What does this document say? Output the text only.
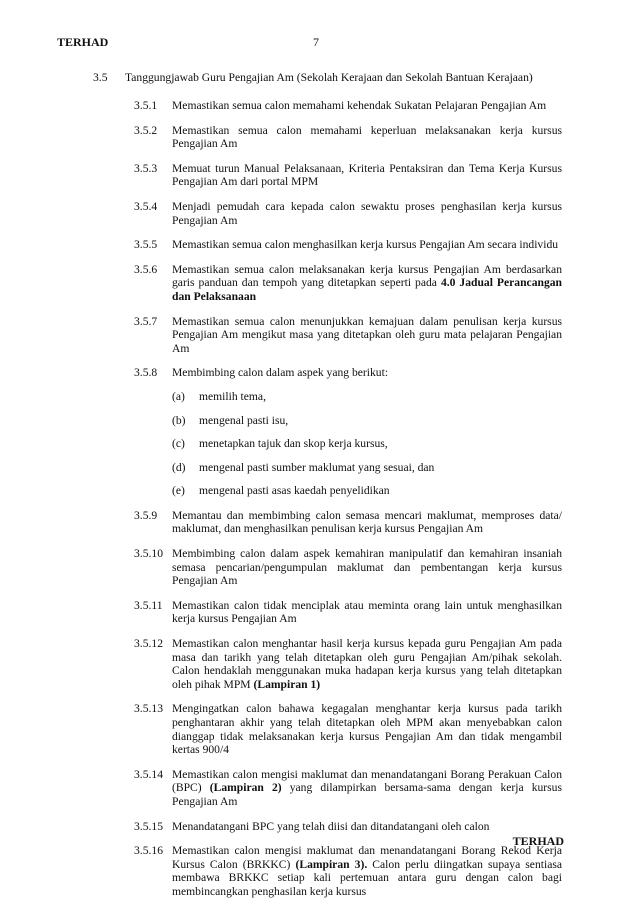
TERHAD	7
3.5 Tanggungjawab Guru Pengajian Am (Sekolah Kerajaan dan Sekolah Bantuan Kerajaan)
3.5.1 Memastikan semua calon memahami kehendak Sukatan Pelajaran Pengajian Am
3.5.2 Memastikan semua calon memahami keperluan melaksanakan kerja kursus Pengajian Am
3.5.3 Memuat turun Manual Pelaksanaan, Kriteria Pentaksiran dan Tema Kerja Kursus Pengajian Am dari portal MPM
3.5.4 Menjadi pemudah cara kepada calon sewaktu proses penghasilan kerja kursus Pengajian Am
3.5.5 Memastikan semua calon menghasilkan kerja kursus Pengajian Am secara individu
3.5.6 Memastikan semua calon melaksanakan kerja kursus Pengajian Am berdasarkan garis panduan dan tempoh yang ditetapkan seperti pada 4.0 Jadual Perancangan dan Pelaksanaan
3.5.7 Memastikan semua calon menunjukkan kemajuan dalam penulisan kerja kursus Pengajian Am mengikut masa yang ditetapkan oleh guru mata pelajaran Pengajian Am
3.5.8 Membimbing calon dalam aspek yang berikut:
(a) memilih tema,
(b) mengenal pasti isu,
(c) menetapkan tajuk dan skop kerja kursus,
(d) mengenal pasti sumber maklumat yang sesuai, dan
(e) mengenal pasti asas kaedah penyelidikan
3.5.9 Memantau dan membimbing calon semasa mencari maklumat, memproses data/ maklumat, dan menghasilkan penulisan kerja kursus Pengajian Am
3.5.10 Membimbing calon dalam aspek kemahiran manipulatif dan kemahiran insaniah semasa pencarian/pengumpulan maklumat dan pembentangan kerja kursus Pengajian Am
3.5.11 Memastikan calon tidak menciplak atau meminta orang lain untuk menghasilkan kerja kursus Pengajian Am
3.5.12 Memastikan calon menghantar hasil kerja kursus kepada guru Pengajian Am pada masa dan tarikh yang telah ditetapkan oleh guru Pengajian Am/pihak sekolah. Calon hendaklah menggunakan muka hadapan kerja kursus yang telah ditetapkan oleh pihak MPM (Lampiran 1)
3.5.13 Mengingatkan calon bahawa kegagalan menghantar kerja kursus pada tarikh penghantaran akhir yang telah ditetapkan oleh MPM akan menyebabkan calon dianggap tidak melaksanakan kerja kursus Pengajian Am dan tidak mengambil kertas 900/4
3.5.14 Memastikan calon mengisi maklumat dan menandatangani Borang Perakuan Calon (BPC) (Lampiran 2) yang dilampirkan bersama-sama dengan kerja kursus Pengajian Am
3.5.15 Menandatangani BPC yang telah diisi dan ditandatangani oleh calon
3.5.16 Memastikan calon mengisi maklumat dan menandatangani Borang Rekod Kerja Kursus Calon (BRKKC) (Lampiran 3). Calon perlu diingatkan supaya sentiasa membawa BRKKC setiap kali pertemuan antara guru dengan calon bagi membincangkan penghasilan kerja kursus
TERHAD
